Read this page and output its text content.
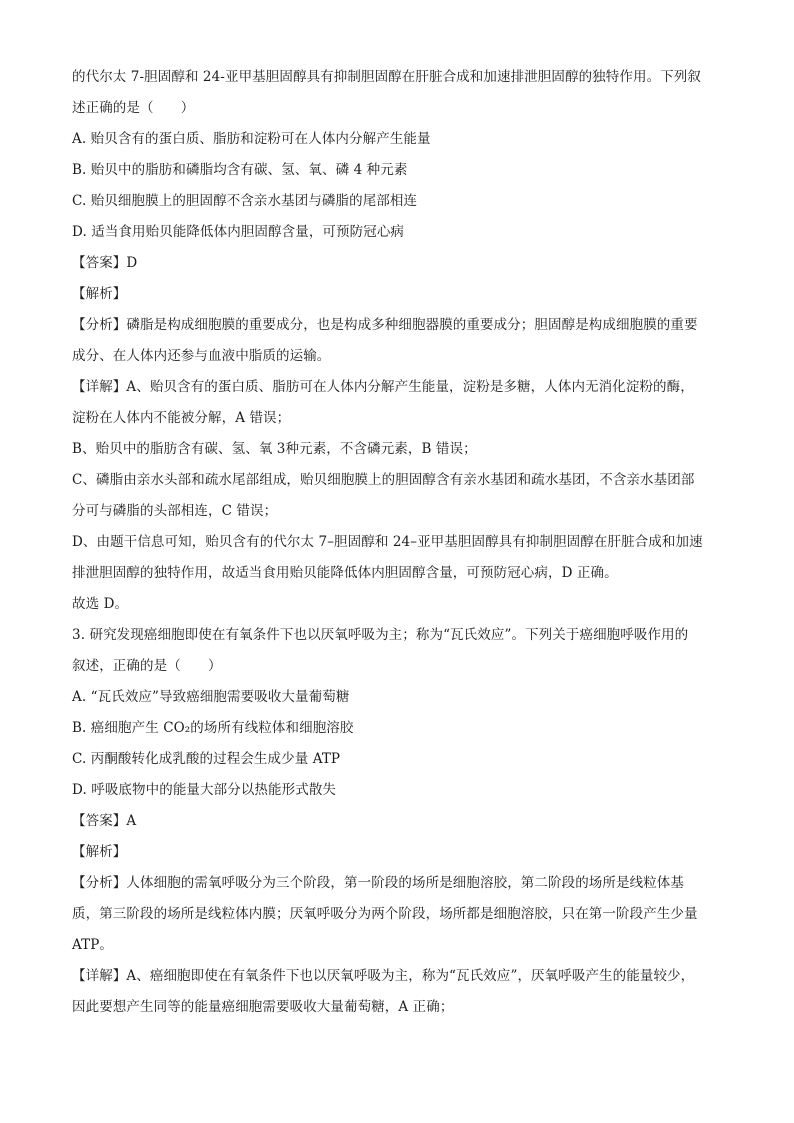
的代尔太 7-胆固醇和 24-亚甲基胆固醇具有抑制胆固醇在肝脏合成和加速排泄胆固醇的独特作用。下列叙
述正确的是（　　）
A. 贻贝含有的蛋白质、脂肪和淀粉可在人体内分解产生能量
B. 贻贝中的脂肪和磷脂均含有碳、氢、氧、磷 4 种元素
C. 贻贝细胞膜上的胆固醇不含亲水基团与磷脂的尾部相连
D. 适当食用贻贝能降低体内胆固醇含量，可预防冠心病
【答案】D
【解析】
【分析】磷脂是构成细胞膜的重要成分，也是构成多种细胞器膜的重要成分；胆固醇是构成细胞膜的重要
成分、在人体内还参与血液中脂质的运输。
【详解】A、贻贝含有的蛋白质、脂肪可在人体内分解产生能量，淀粉是多糖，人体内无消化淀粉的酶，
淀粉在人体内不能被分解，A 错误；
B、贻贝中的脂肪含有碳、氢、氧 3种元素，不含磷元素，B 错误；
C、磷脂由亲水头部和疏水尾部组成，贻贝细胞膜上的胆固醇含有亲水基团和疏水基团，不含亲水基团部
分可与磷脂的头部相连，C 错误；
D、由题干信息可知，贻贝含有的代尔太 7–胆固醇和 24–亚甲基胆固醇具有抑制胆固醇在肝脏合成和加速
排泄胆固醇的独特作用，故适当食用贻贝能降低体内胆固醇含量，可预防冠心病，D 正确。
故选 D。
3. 研究发现癌细胞即使在有氧条件下也以厌氧呼吸为主；称为“瓦氏效应”。下列关于癌细胞呼吸作用的
叙述，正确的是（　　）
A. “瓦氏效应”导致癌细胞需要吸收大量葡萄糖
B. 癌细胞产生 CO₂的场所有线粒体和细胞溶胶
C. 丙酮酸转化成乳酸的过程会生成少量 ATP
D. 呼吸底物中的能量大部分以热能形式散失
【答案】A
【解析】
【分析】人体细胞的需氧呼吸分为三个阶段，第一阶段的场所是细胞溶胶，第二阶段的场所是线粒体基
质，第三阶段的场所是线粒体内膜；厌氧呼吸分为两个阶段，场所都是细胞溶胶，只在第一阶段产生少量
ATP。
【详解】A、癌细胞即使在有氧条件下也以厌氧呼吸为主，称为“瓦氏效应”，厌氧呼吸产生的能量较少，
因此要想产生同等的能量癌细胞需要吸收大量葡萄糖，A 正确；
